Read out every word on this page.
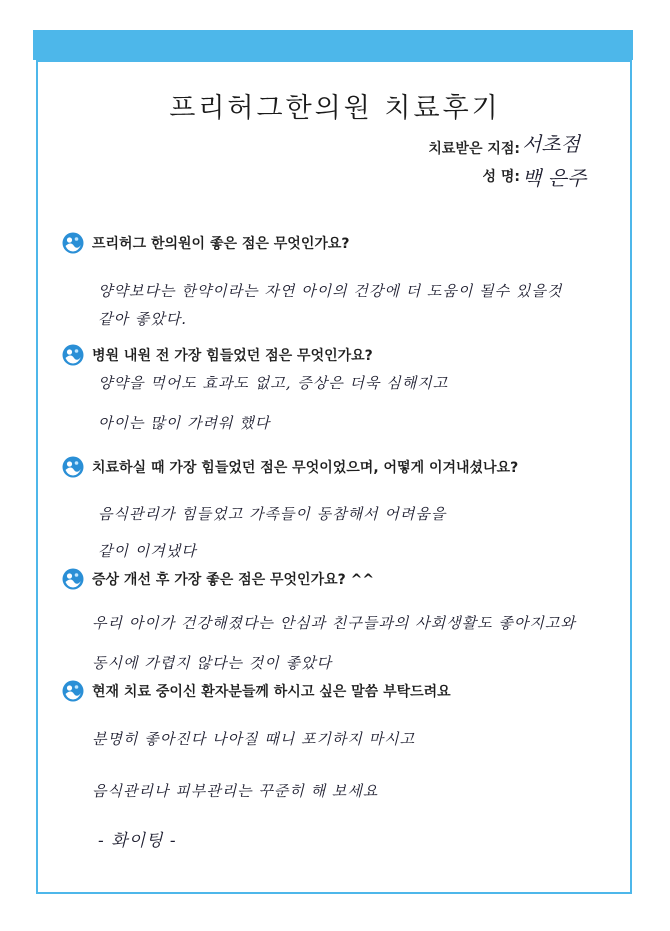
프리허그한의원 치료후기
치료받은 지점: 서초점
성 명: 백 은주
프리허그 한의원이 좋은 점은 무엇인가요?
양약보다는 한약이라는 자연 아이의 건강에 더 도움이 될수 있을것
같아 좋았다.
병원 내원 전 가장 힘들었던 점은 무엇인가요?
양약을 먹어도 효과도 없고, 증상은 더욱 심해지고
아이는 많이 가려워 했다
치료하실 때 가장 힘들었던 점은 무엇이었으며, 어떻게 이겨내셨나요?
음식관리가 힘들었고 가족들이 동참해서 어려움을
같이 이겨냈다
증상 개선 후 가장 좋은 점은 무엇인가요? ^^
우리 아이가 건강해졌다는 안심과 친구들과의 사회생활도 좋아지고와
동시에 가렵지 않다는 것이 좋았다
현재 치료 중이신 환자분들께 하시고 싶은 말씀 부탁드려요
분명히 좋아진다 나아질 때니 포기하지 마시고
음식관리나 피부관리는 꾸준히 해 보세요
- 화이팅 -
